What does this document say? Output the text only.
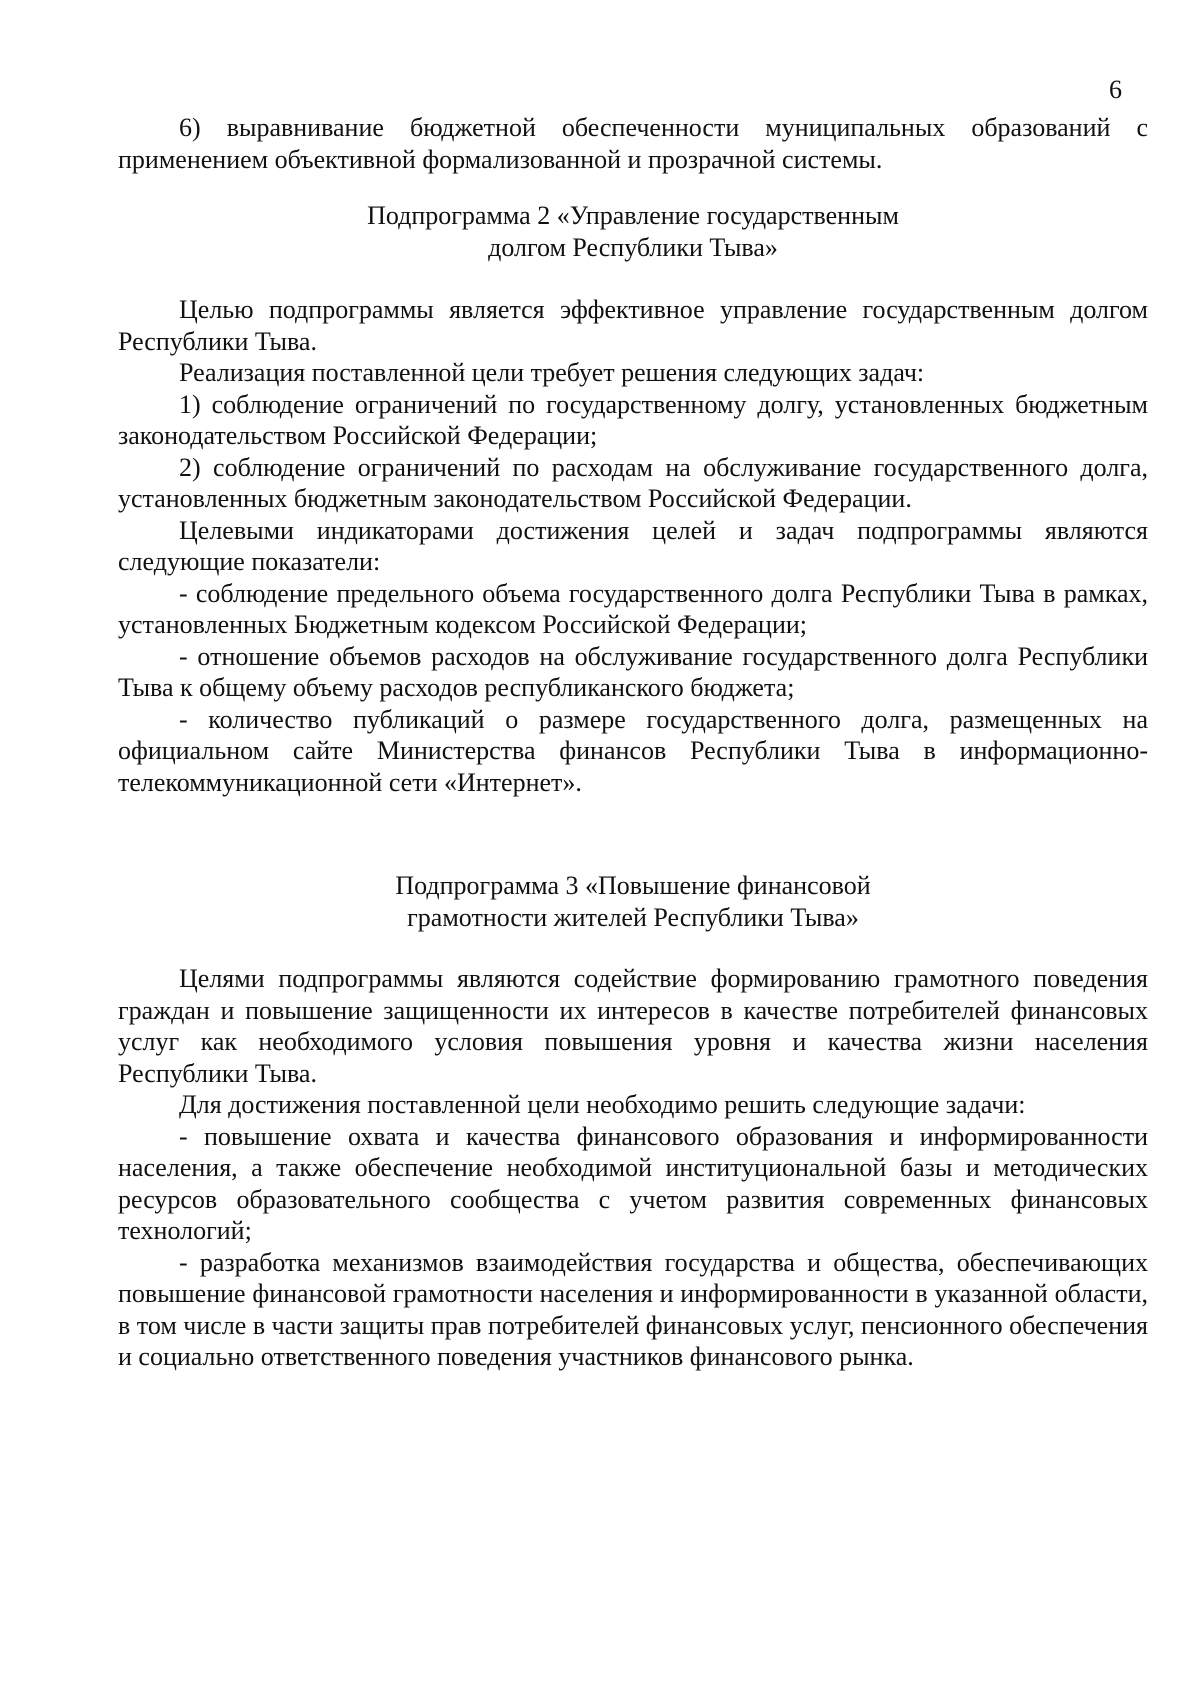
6

6) выравнивание бюджетной обеспеченности муниципальных образований с применением объективной формализованной и прозрачной системы.

Подпрограмма 2 «Управление государственным
долгом Республики Тыва»

Целью подпрограммы является эффективное управление государственным долгом Республики Тыва.

Реализация поставленной цели требует решения следующих задач:

1) соблюдение ограничений по государственному долгу, установленных бюджетным законодательством Российской Федерации;

2) соблюдение ограничений по расходам на обслуживание государственного долга, установленных бюджетным законодательством Российской Федерации.

Целевыми индикаторами достижения целей и задач подпрограммы являются следующие показатели:

- соблюдение предельного объема государственного долга Республики Тыва в рамках, установленных Бюджетным кодексом Российской Федерации;

- отношение объемов расходов на обслуживание государственного долга Республики Тыва к общему объему расходов республиканского бюджета;

- количество публикаций о размере государственного долга, размещенных на официальном сайте Министерства финансов Республики Тыва в информационно-телекоммуникационной сети «Интернет».

Подпрограмма 3 «Повышение финансовой
грамотности жителей Республики Тыва»

Целями подпрограммы являются содействие формированию грамотного поведения граждан и повышение защищенности их интересов в качестве потребителей финансовых услуг как необходимого условия повышения уровня и качества жизни населения Республики Тыва.

Для достижения поставленной цели необходимо решить следующие задачи:

- повышение охвата и качества финансового образования и информированности населения, а также обеспечение необходимой институциональной базы и методических ресурсов образовательного сообщества с учетом развития современных финансовых технологий;

- разработка механизмов взаимодействия государства и общества, обеспечивающих повышение финансовой грамотности населения и информированности в указанной области, в том числе в части защиты прав потребителей финансовых услуг, пенсионного обеспечения и социально ответственного поведения участников финансового рынка.
